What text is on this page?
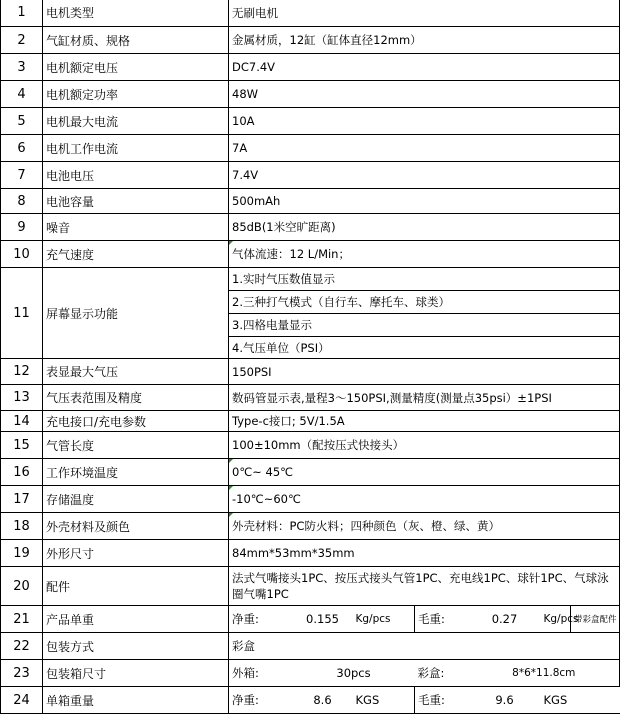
1	电机类型	无刷电机						
2	气缸材质、规格	金属材质，12缸（缸体直径12mm）						
3	电机额定电压	DC7.4V						
4	电机额定功率	48W						
5	电机最大电流	10A						
6	电机工作电流	7A						
7	电池电压	7.4V						
8	电池容量	500mAh						
9	噪音	85dB(1米空旷距离)						
10	充气速度	气体流速：12 L/Min；						
11	屏幕显示功能	1.实时气压数值显示						
		2.三种打气模式（自行车、摩托车、球类）						
		3.四格电量显示						
		4.气压单位（PSI）						
12	表显最大气压	150PSI						
13	气压表范围及精度	数码管显示表,量程3～150PSI,测量精度(测量点35psi）±1PSI						
14	充电接口/充电参数	Type-c接口; 5V/1.5A						
15	气管长度	100±10mm（配按压式快接头）						
16	工作环境温度	0℃~ 45℃						
17	存储温度	-10℃~60℃						
18	外壳材料及颜色	外壳材料：PC防火料；四种颜色（灰、橙、绿、黄）						
19	外形尺寸	84mm*53mm*35mm						
20	配件	法式气嘴接头1PC、按压式接头气管1PC、充电线1PC、球针1PC、气球泳圈气嘴1PC						
21	产品单重	净重:	0.155	Kg/pcs	毛重:	0.27	Kg/pcs	带彩盒配件
22	包装方式	彩盒						
23	包装箱尺寸	外箱:	30pcs		彩盒:	8*6*11.8cm		
24	单箱重量	净重:	8.6	KGS	毛重:	9.6	KGS	
